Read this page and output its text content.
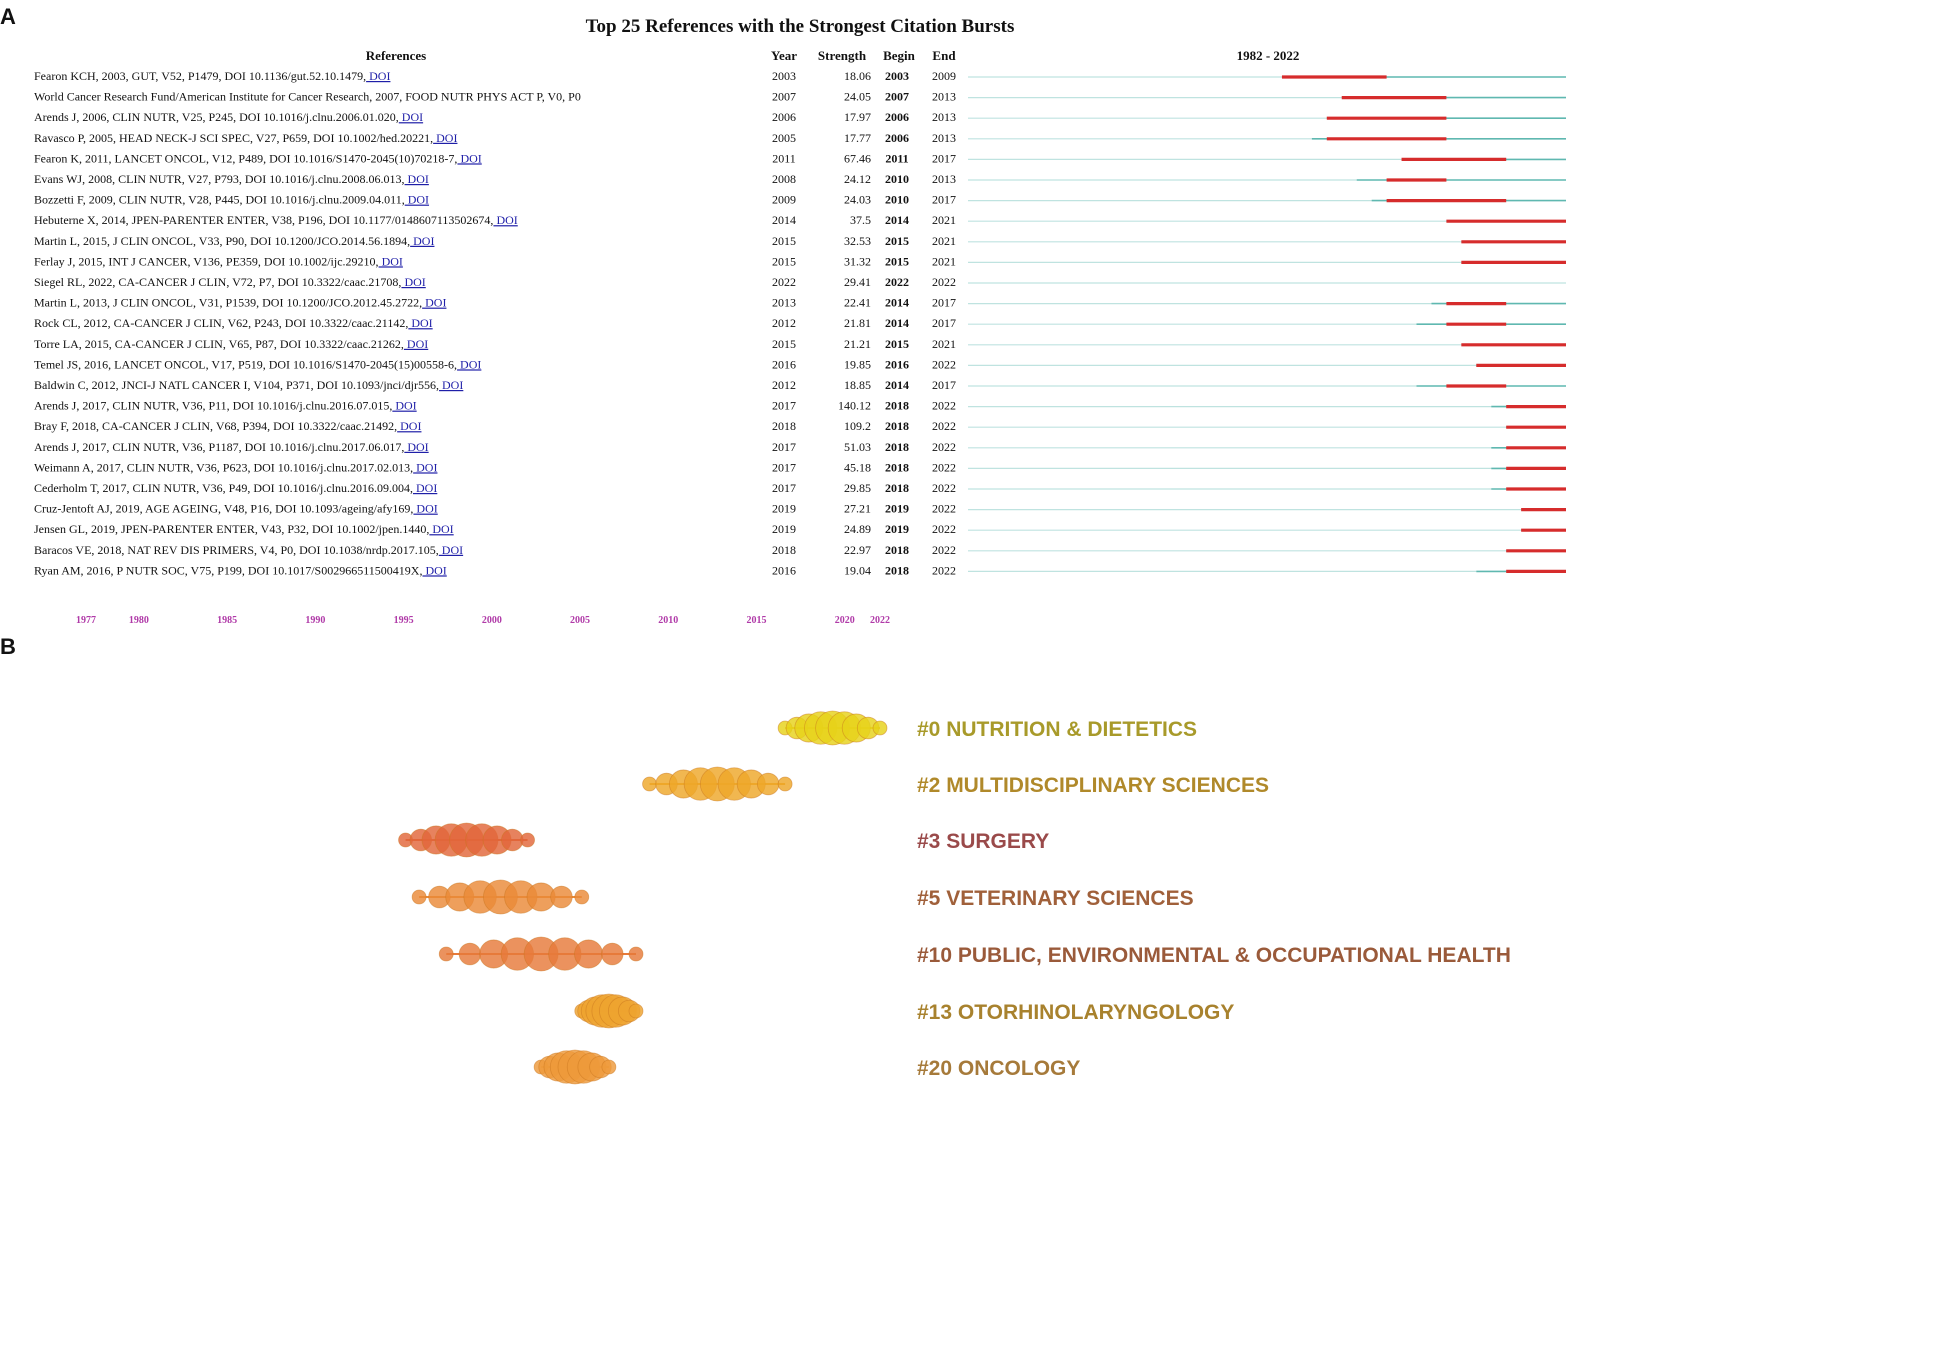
A	Top 25 References with the Strongest Citation Bursts
References	Year Strength Begin End	1982 - 2022
Fearon KCH, 2003, GUT, V52, P1479, DOI 10.1136/gut.52.10.1479, DOI	2003	18.06 2003 2009
World Cancer Research Fund/American Institute for Cancer Research, 2007, FOOD NUTR PHYS ACT P, V0, P0	2007	24.05 2007 2013
Arends J, 2006, CLIN NUTR, V25, P245, DOI 10.1016/j.clnu.2006.01.020, DOI	2006	17.97 2006 2013
Ravasco P, 2005, HEAD NECK-J SCI SPEC, V27, P659, DOI 10.1002/hed.20221, DOI	2005	17.77 2006 2013
Fearon K, 2011, LANCET ONCOL, V12, P489, DOI 10.1016/S1470-2045(10)70218-7, DOI	2011	67.46 2011 2017
Evans WJ, 2008, CLIN NUTR, V27, P793, DOI 10.1016/j.clnu.2008.06.013, DOI	2008	24.12 2010 2013
Bozzetti F, 2009, CLIN NUTR, V28, P445, DOI 10.1016/j.clnu.2009.04.011, DOI	2009	24.03 2010 2017
Hebuterne X, 2014, JPEN-PARENTER ENTER, V38, P196, DOI 10.1177/0148607113502674, DOI	2014	37.5 2014 2021
Martin L, 2015, J CLIN ONCOL, V33, P90, DOI 10.1200/JCO.2014.56.1894, DOI	2015	32.53 2015 2021
Ferlay J, 2015, INT J CANCER, V136, PE359, DOI 10.1002/ijc.29210, DOI	2015	31.32 2015 2021
Siegel RL, 2022, CA-CANCER J CLIN, V72, P7, DOI 10.3322/caac.21708, DOI	2022	29.41 2022 2022
Martin L, 2013, J CLIN ONCOL, V31, P1539, DOI 10.1200/JCO.2012.45.2722, DOI	2013	22.41 2014 2017
Rock CL, 2012, CA-CANCER J CLIN, V62, P243, DOI 10.3322/caac.21142, DOI	2012	21.81 2014 2017
Torre LA, 2015, CA-CANCER J CLIN, V65, P87, DOI 10.3322/caac.21262, DOI	2015	21.21 2015 2021
Temel JS, 2016, LANCET ONCOL, V17, P519, DOI 10.1016/S1470-2045(15)00558-6, DOI	2016	19.85 2016 2022
Baldwin C, 2012, JNCI-J NATL CANCER I, V104, P371, DOI 10.1093/jnci/djr556, DOI	2012	18.85 2014 2017
Arends J, 2017, CLIN NUTR, V36, P11, DOI 10.1016/j.clnu.2016.07.015, DOI	2017	140.12 2018 2022
Bray F, 2018, CA-CANCER J CLIN, V68, P394, DOI 10.3322/caac.21492, DOI	2018	109.2 2018 2022
Arends J, 2017, CLIN NUTR, V36, P1187, DOI 10.1016/j.clnu.2017.06.017, DOI	2017	51.03 2018 2022
Weimann A, 2017, CLIN NUTR, V36, P623, DOI 10.1016/j.clnu.2017.02.013, DOI	2017	45.18 2018 2022
Cederholm T, 2017, CLIN NUTR, V36, P49, DOI 10.1016/j.clnu.2016.09.004, DOI	2017	29.85 2018 2022
Cruz-Jentoft AJ, 2019, AGE AGEING, V48, P16, DOI 10.1093/ageing/afy169, DOI	2019	27.21 2019 2022
Jensen GL, 2019, JPEN-PARENTER ENTER, V43, P32, DOI 10.1002/jpen.1440, DOI	2019	24.89 2019 2022
Baracos VE, 2018, NAT REV DIS PRIMERS, V4, P0, DOI 10.1038/nrdp.2017.105, DOI	2018	22.97 2018 2022
Ryan AM, 2016, P NUTR SOC, V75, P199, DOI 10.1017/S002966511500419X, DOI	2016	19.04 2018 2022
1977	1980	1985	1990	1995	2000	2005	2010	2015	2020 2022
B
#0 NUTRITION & DIETETICS
#2 MULTIDISCIPLINARY SCIENCES
#3 SURGERY
#5 VETERINARY SCIENCES
#10 PUBLIC, ENVIRONMENTAL & OCCUPATIONAL HEALTH
#13 OTORHINOLARYNGOLOGY
#20 ONCOLOGY
